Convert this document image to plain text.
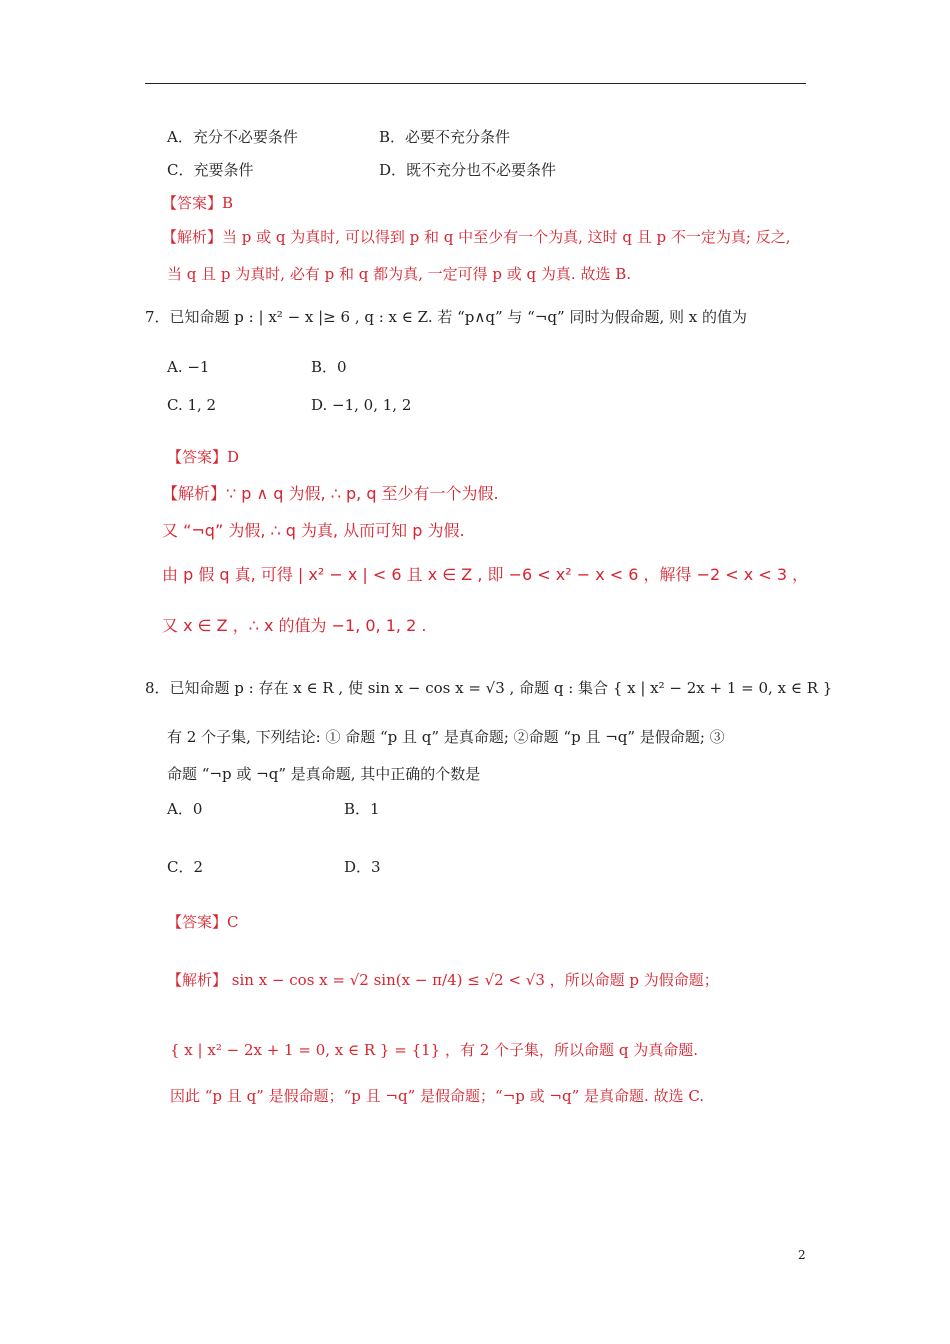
A．充分不必要条件	B．必要不充分条件
C．充要条件	D．既不充分也不必要条件
【答案】B
【解析】当 p 或 q 为真时, 可以得到 p 和 q 中至少有一个为真, 这时 q 且 p 不一定为真; 反之,
当 q 且 p 为真时, 必有 p 和 q 都为真, 一定可得 p 或 q 为真. 故选 B.
7．已知命题 p : | x² − x |≥ 6 , q : x ∈ Z. 若 “p∧q” 与 “¬q” 同时为假命题, 则 x 的值为
A. −1	B．0
C. 1, 2	D. −1, 0, 1, 2
【答案】D
【解析】∵ p ∧ q 为假, ∴ p, q 至少有一个为假.
又 “¬q” 为假, ∴ q 为真, 从而可知 p 为假.
由 p 假 q 真, 可得 | x² − x | < 6 且 x ∈ Z , 即 −6 < x² − x < 6 ，解得 −2 < x < 3 ，
又 x ∈ Z ，∴ x 的值为 −1, 0, 1, 2 .
8．已知命题 p : 存在 x ∈ R , 使 sin x − cos x = √3 , 命题 q : 集合 { x | x² − 2x + 1 = 0, x ∈ R }
有 2 个子集, 下列结论: ① 命题 “p 且 q” 是真命题; ②命题 “p 且 ¬q” 是假命题; ③
命题 “¬p 或 ¬q” 是真命题, 其中正确的个数是
A．0	B．1
C．2	D．3
【答案】C
【解析】 sin x − cos x = √2 sin(x − π/4) ≤ √2 < √3 ，所以命题 p 为假命题；
{ x | x² − 2x + 1 = 0, x ∈ R } = {1} ，有 2 个子集，所以命题 q 为真命题.
因此 “p 且 q” 是假命题；“p 且 ¬q” 是假命题；“¬p 或 ¬q” 是真命题. 故选 C.
2
